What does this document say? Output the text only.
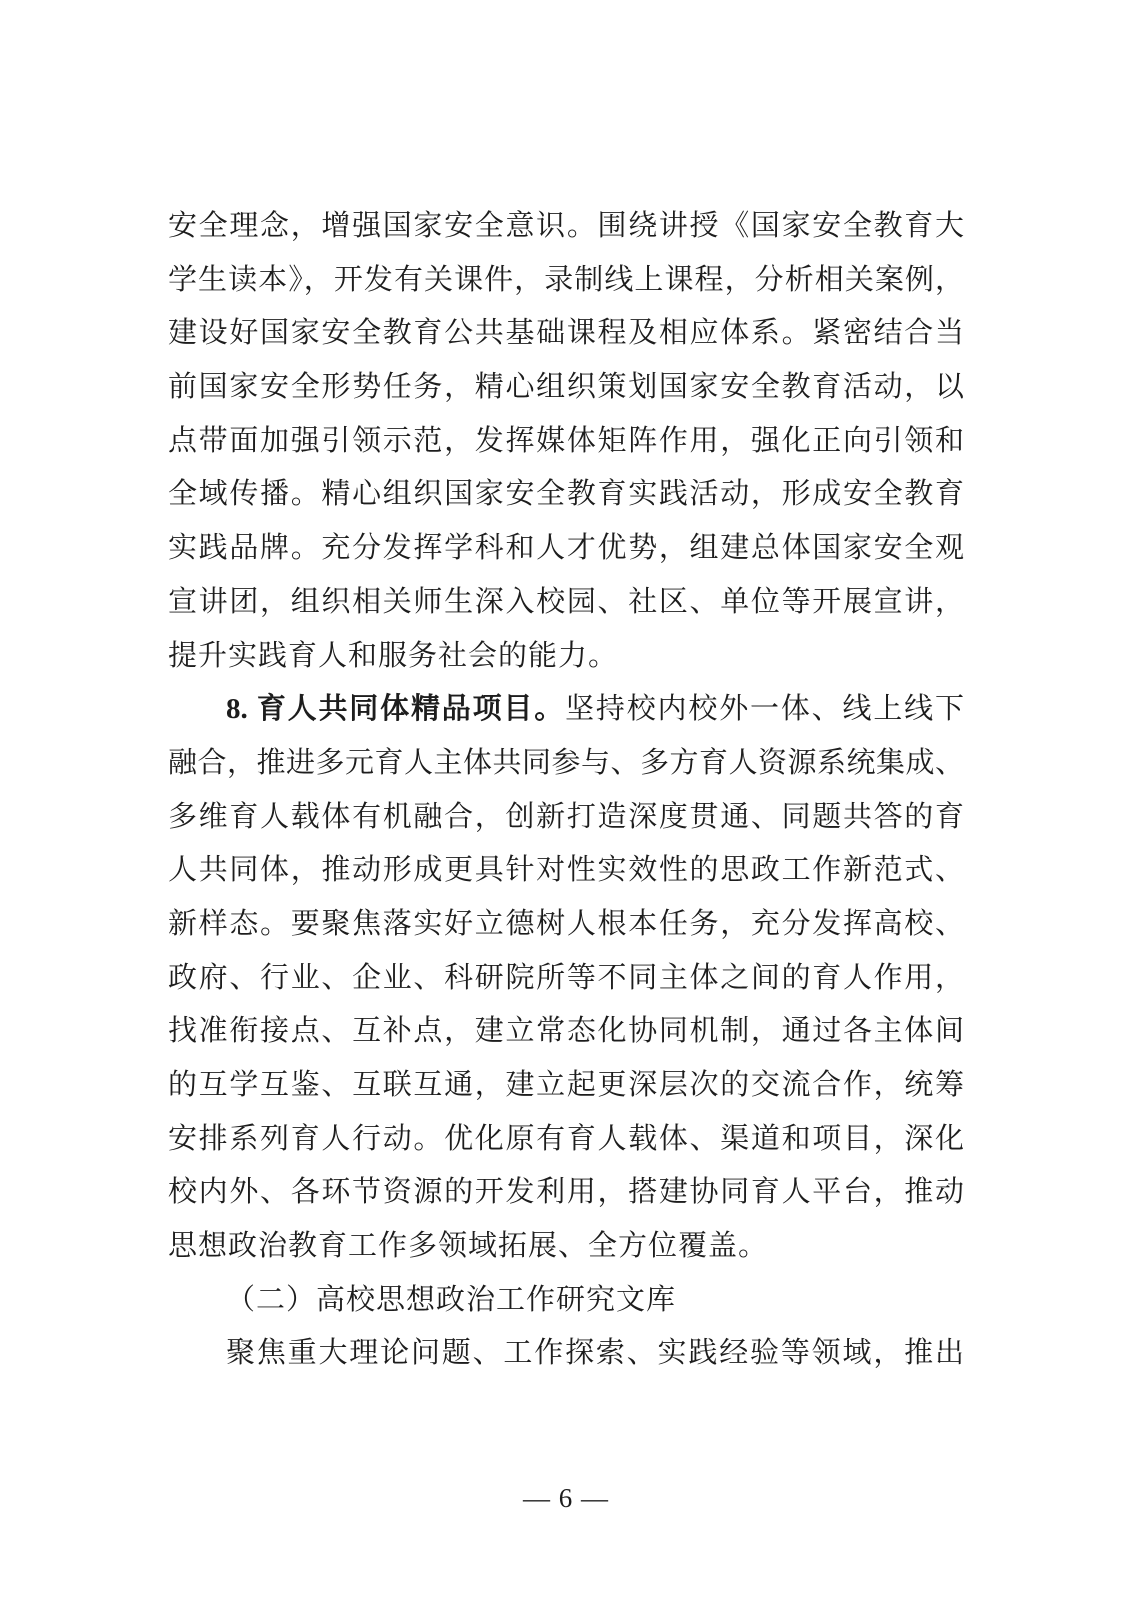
安全理念，增强国家安全意识。围绕讲授《国家安全教育大
学生读本》，开发有关课件，录制线上课程，分析相关案例，
建设好国家安全教育公共基础课程及相应体系。紧密结合当
前国家安全形势任务，精心组织策划国家安全教育活动，以
点带面加强引领示范，发挥媒体矩阵作用，强化正向引领和
全域传播。精心组织国家安全教育实践活动，形成安全教育
实践品牌。充分发挥学科和人才优势，组建总体国家安全观
宣讲团，组织相关师生深入校园、社区、单位等开展宣讲，
提升实践育人和服务社会的能力。
8. 育人共同体精品项目。坚持校内校外一体、线上线下
融合，推进多元育人主体共同参与、多方育人资源系统集成、
多维育人载体有机融合，创新打造深度贯通、同题共答的育
人共同体，推动形成更具针对性实效性的思政工作新范式、
新样态。要聚焦落实好立德树人根本任务，充分发挥高校、
政府、行业、企业、科研院所等不同主体之间的育人作用，
找准衔接点、互补点，建立常态化协同机制，通过各主体间
的互学互鉴、互联互通，建立起更深层次的交流合作，统筹
安排系列育人行动。优化原有育人载体、渠道和项目，深化
校内外、各环节资源的开发利用，搭建协同育人平台，推动
思想政治教育工作多领域拓展、全方位覆盖。
（二）高校思想政治工作研究文库
聚焦重大理论问题、工作探索、实践经验等领域，推出
— 6 —
